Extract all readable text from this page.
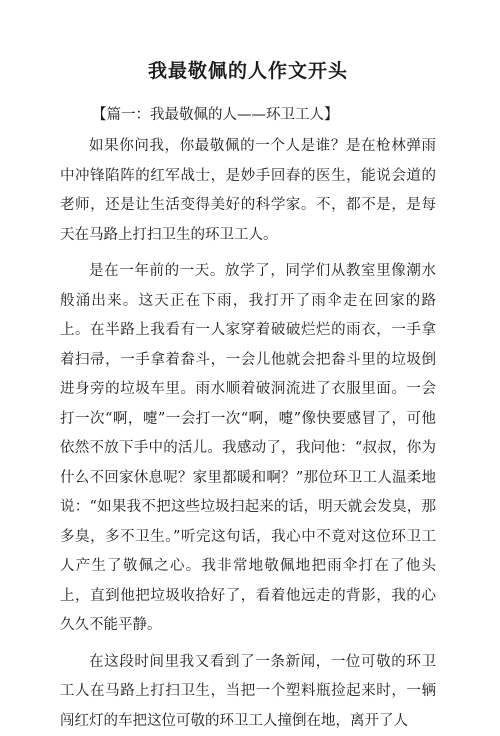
我最敬佩的人作文开头
【篇一：我最敬佩的人——环卫工人】

如果你问我，你最敬佩的一个人是谁？是在枪林弹雨中冲锋陷阵的红军战士，是妙手回春的医生，能说会道的老师，还是让生活变得美好的科学家。不，都不是，是每天在马路上打扫卫生的环卫工人。

是在一年前的一天。放学了，同学们从教室里像潮水般涌出来。这天正在下雨，我打开了雨伞走在回家的路上。在半路上我看有一人家穿着破破烂烂的雨衣，一手拿着扫帚，一手拿着畚斗，一会儿他就会把畚斗里的垃圾倒进身旁的垃圾车里。雨水顺着破洞流进了衣服里面。一会打一次“啊，嚏”一会打一次“啊，嚏”像快要感冒了，可他依然不放下手中的活儿。我感动了，我问他：“叔叔，你为什么不回家休息呢？家里都暖和啊？”那位环卫工人温柔地说：“如果我不把这些垃圾扫起来的话，明天就会发臭，那多臭，多不卫生。”听完这句话，我心中不竟对这位环卫工人产生了敬佩之心。我非常地敬佩地把雨伞打在了他头上，直到他把垃圾收拾好了，看着他远走的背影，我的心久久不能平静。

在这段时间里我又看到了一条新闻，一位可敬的环卫工人在马路上打扫卫生，当把一个塑料瓶捡起来时，一辆闯红灯的车把这位可敬的环卫工人撞倒在地，离开了人
